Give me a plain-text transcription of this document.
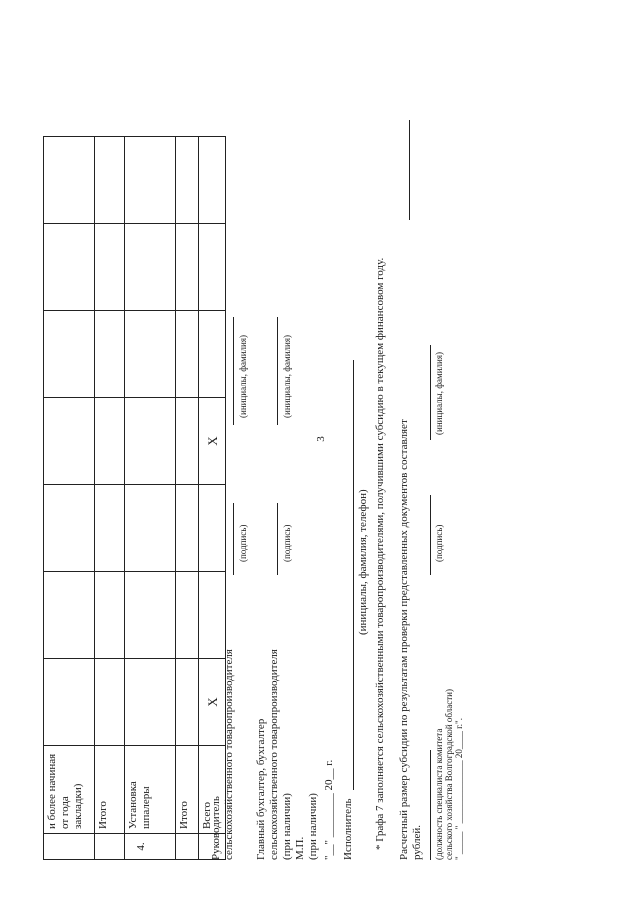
3
	и более начиная от года закладки)							
	Итого							
4.	Установка шпалеры							
	Итого							
	Всего	X			X			
Руководитель сельскохозяйственного товаропроизводителя
(подпись)
(инициалы, фамилия)
Главный бухгалтер, бухгалтер сельскохозяйственного товаропроизводителя (при наличии)
(подпись)
(инициалы, фамилия)
М.П. (при наличии) "__" ________ 20__ г. Исполнитель
(инициалы, фамилия, телефон) * Графа 7 заполняется сельскохозяйственными товаропроизводителями, получившими субсидию в текущем финансовом году. Расчетный размер субсидии по результатам проверки представленных документов составляет рублей. (должность специалиста комитета сельского хозяйства Волгоградской области)
(подпись)
(инициалы, фамилия)
" _____ " ______________ 20____ г.".
